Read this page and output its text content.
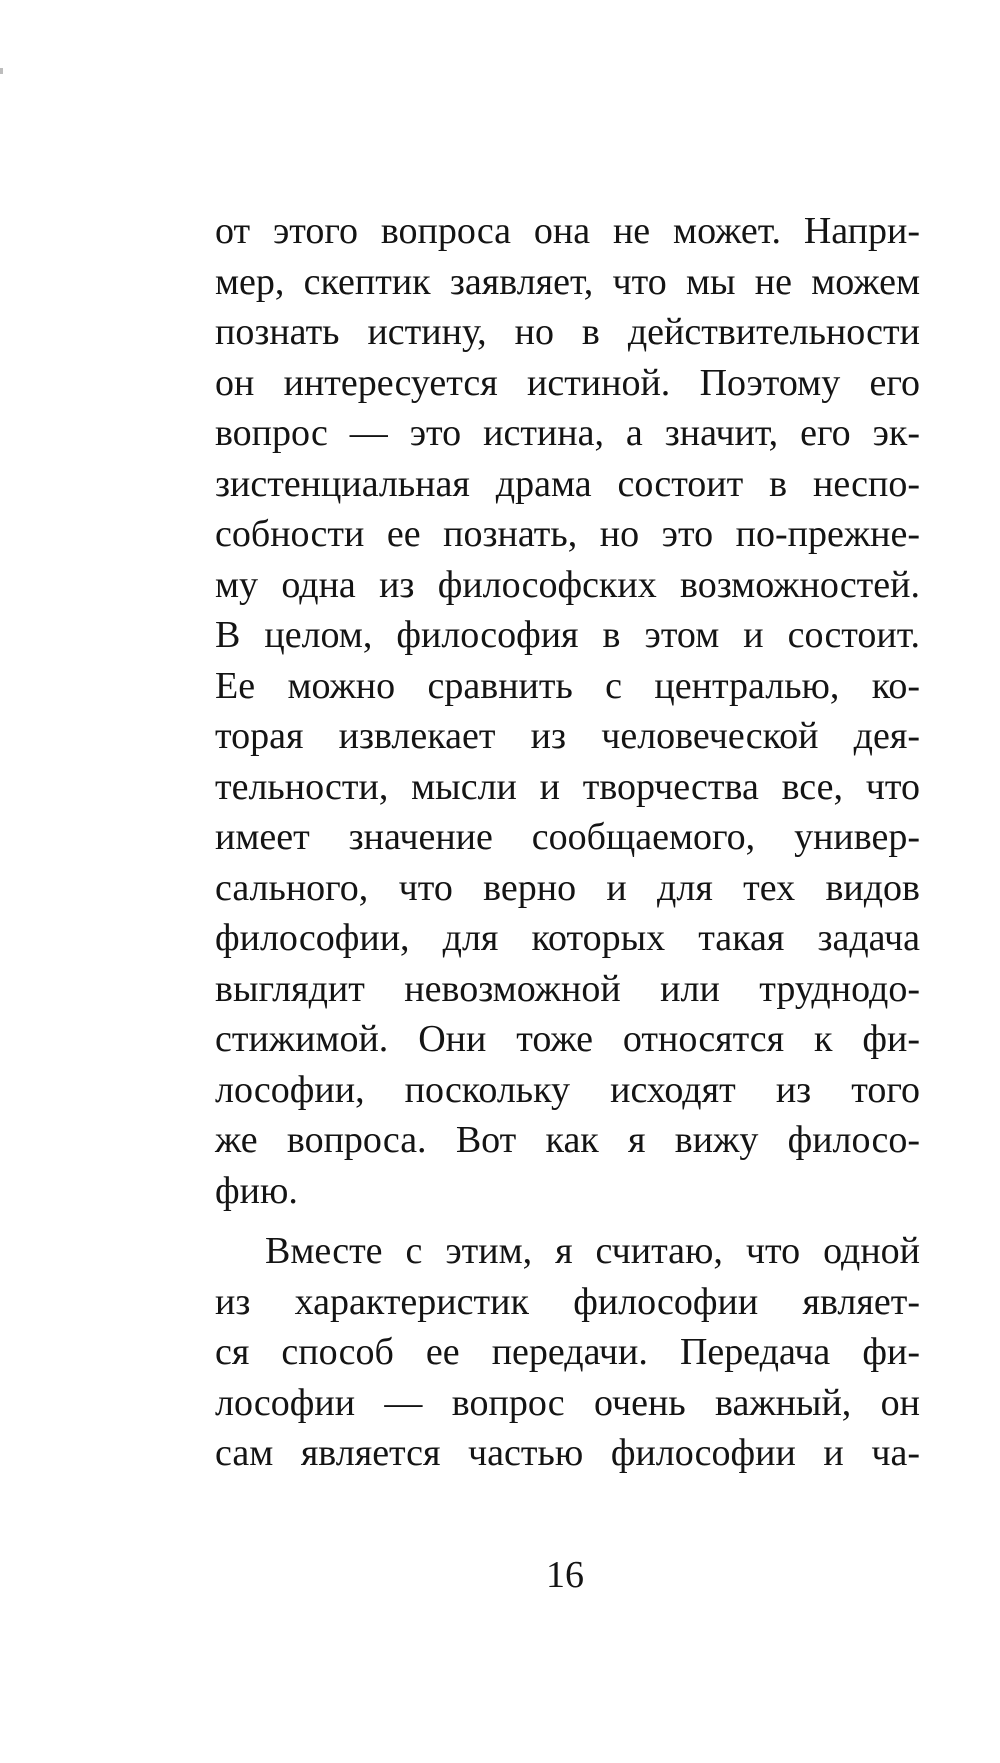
от этого вопроса она не может. Напри-
мер, скептик заявляет, что мы не можем
познать истину, но в действительности
он интересуется истиной. Поэтому его
вопрос — это истина, а значит, его эк-
зистенциальная драма состоит в неспо-
собности ее познать, но это по-прежне-
му одна из философских возможностей.
В целом, философия в этом и состоит.
Ее можно сравнить с централью, ко-
торая извлекает из человеческой дея-
тельности, мысли и творчества все, что
имеет значение сообщаемого, универ-
сального, что верно и для тех видов
философии, для которых такая задача
выглядит невозможной или труднодо-
стижимой. Они тоже относятся к фи-
лософии, поскольку исходят из того
же вопроса. Вот как я вижу филосо-
фию.
Вместе с этим, я считаю, что одной
из характеристик философии являет-
ся способ ее передачи. Передача фи-
лософии — вопрос очень важный, он
сам является частью философии и ча-
16
